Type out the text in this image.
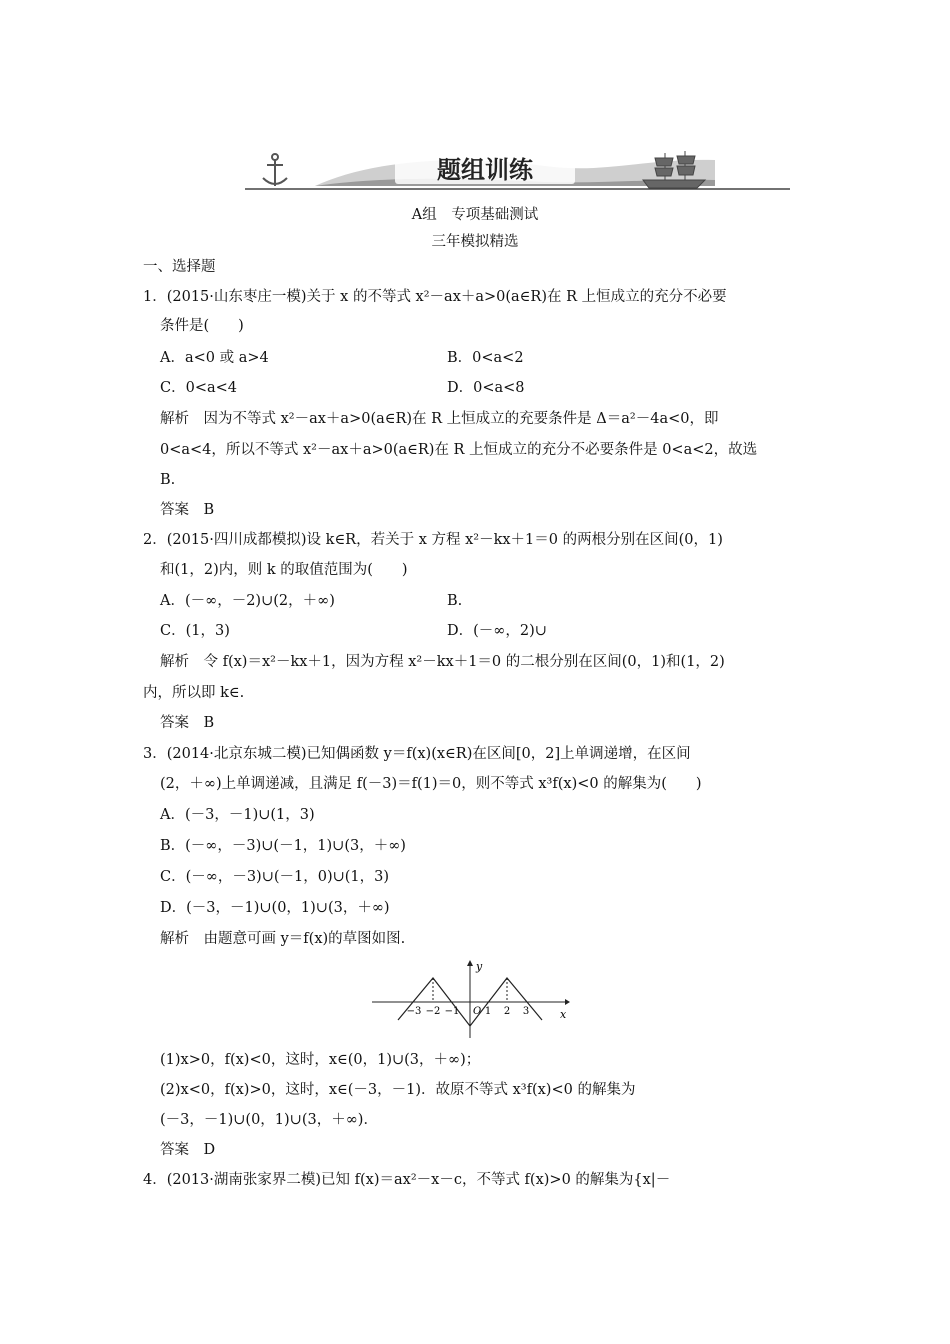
题组训练
A组　专项基础测试
三年模拟精选
一、选择题
1．(2015·山东枣庄一模)关于 x 的不等式 x²－ax＋a>0(a∈R)在 R 上恒成立的充分不必要
条件是(　　)
A．a<0 或 a>4	B．0<a<2
C．0<a<4	D．0<a<8
解析　因为不等式 x²－ax＋a>0(a∈R)在 R 上恒成立的充要条件是 Δ＝a²－4a<0，即
0<a<4，所以不等式 x²－ax＋a>0(a∈R)在 R 上恒成立的充分不必要条件是 0<a<2，故选
B.
答案　B
2．(2015·四川成都模拟)设 k∈R，若关于 x 方程 x²－kx＋1＝0 的两根分别在区间(0，1)
和(1，2)内，则 k 的取值范围为(　　)
A．(－∞，－2)∪(2，＋∞)	B.
C．(1，3)	D．(－∞，2)∪
解析　令 f(x)＝x²－kx＋1，因为方程 x²－kx＋1＝0 的二根分别在区间(0，1)和(1，2)
内，所以即 k∈.
答案　B
3．(2014·北京东城二模)已知偶函数 y＝f(x)(x∈R)在区间[0，2]上单调递增，在区间
(2，＋∞)上单调递减，且满足 f(－3)＝f(1)＝0，则不等式 x³f(x)<0 的解集为(　　)
A．(－3，－1)∪(1，3)
B．(－∞，－3)∪(－1，1)∪(3，＋∞)
C．(－∞，－3)∪(－1，0)∪(1，3)
D．(－3，－1)∪(0，1)∪(3，＋∞)
解析　由题意可画 y＝f(x)的草图如图.
y
x
−3 −2 −1 O 1 2 3
(1)x>0，f(x)<0，这时，x∈(0，1)∪(3，＋∞)；
(2)x<0，f(x)>0，这时，x∈(－3，－1)．故原不等式 x³f(x)<0 的解集为
(－3，－1)∪(0，1)∪(3，＋∞)．
答案　D
4．(2013·湖南张家界二模)已知 f(x)＝ax²－x－c，不等式 f(x)>0 的解集为{x|－
